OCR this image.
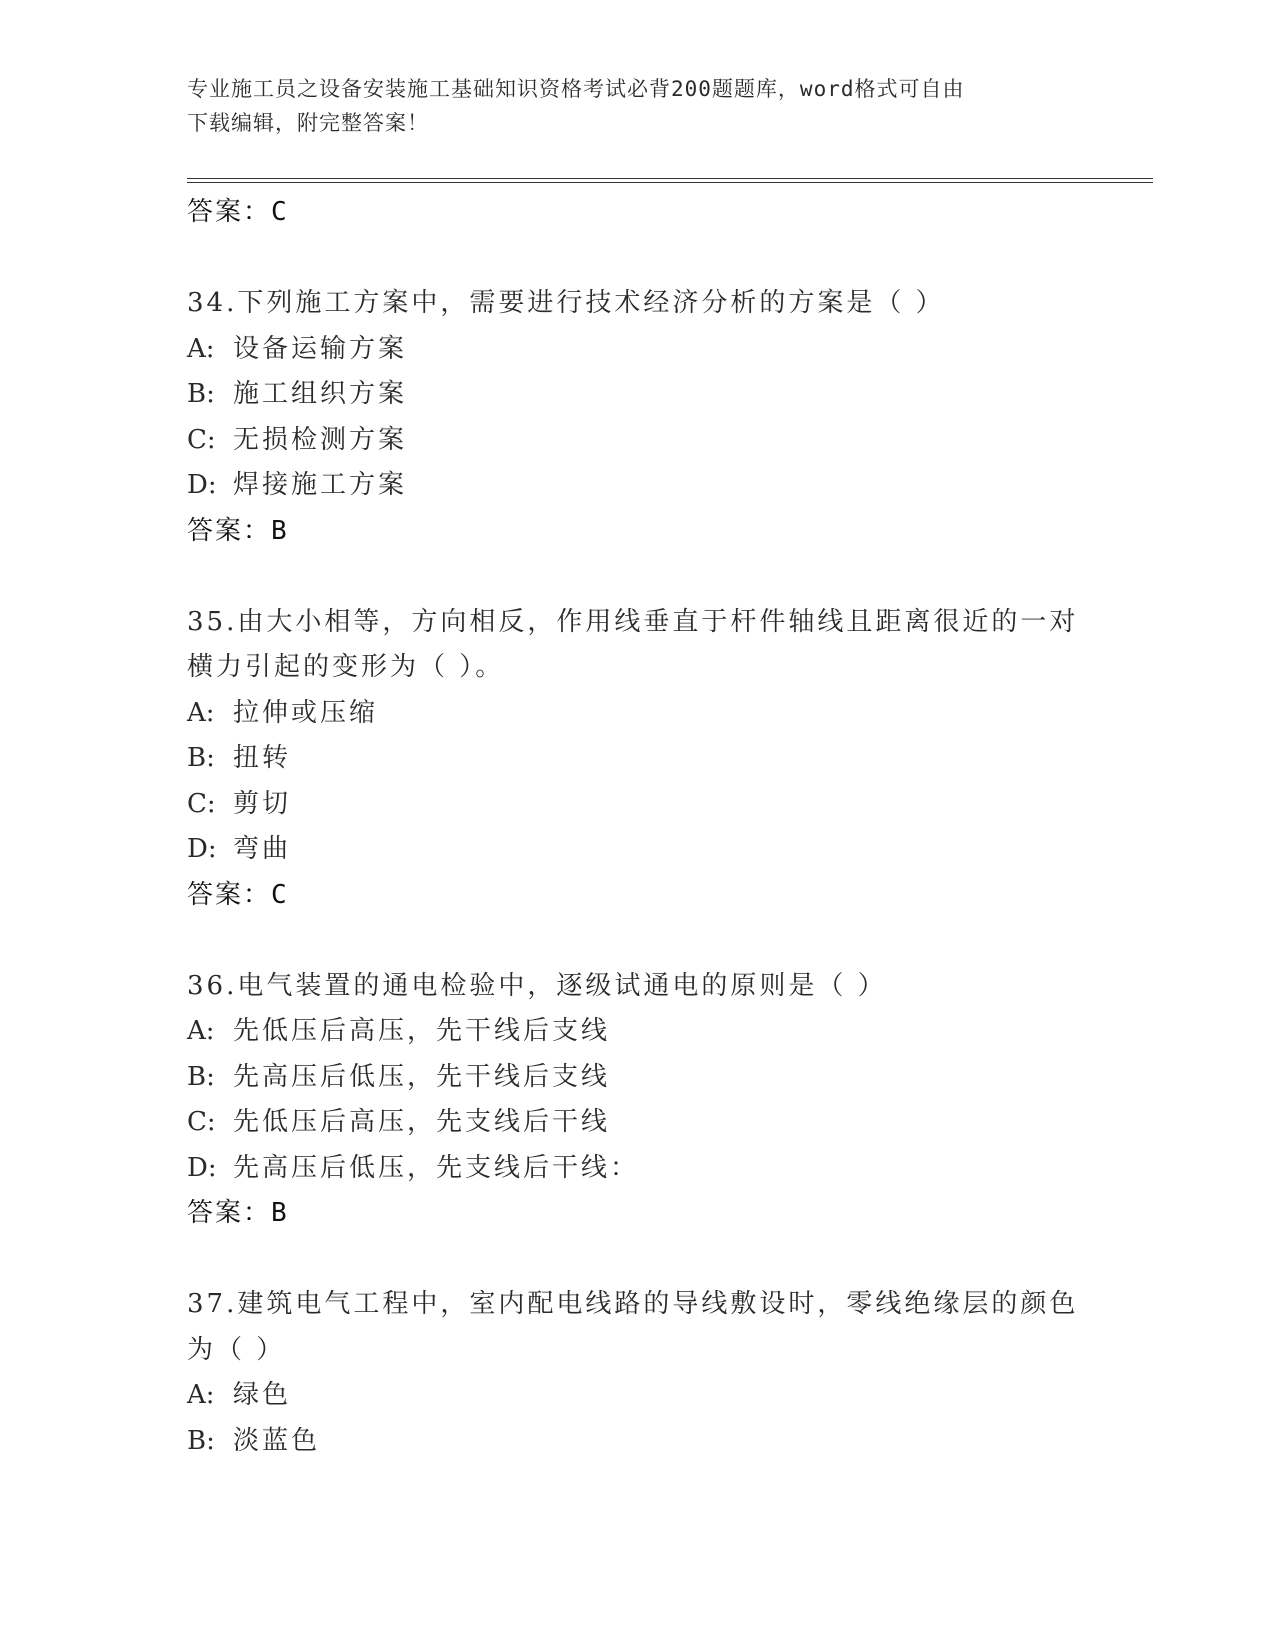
专业施工员之设备安装施工基础知识资格考试必背200题题库，word格式可自由
下载编辑，附完整答案！
答案：C
34.下列施工方案中，需要进行技术经济分析的方案是（ ）
A: 设备运输方案
B: 施工组织方案
C: 无损检测方案
D: 焊接施工方案
答案：B
35.由大小相等，方向相反，作用线垂直于杆件轴线且距离很近的一对
横力引起的变形为（ ）。
A: 拉伸或压缩
B: 扭转
C: 剪切
D: 弯曲
答案：C
36.电气装置的通电检验中，逐级试通电的原则是（ ）
A: 先低压后高压，先干线后支线
B: 先高压后低压，先干线后支线
C: 先低压后高压，先支线后干线
D: 先高压后低压，先支线后干线：
答案：B
37.建筑电气工程中，室内配电线路的导线敷设时，零线绝缘层的颜色
为（ ）
A: 绿色
B: 淡蓝色
